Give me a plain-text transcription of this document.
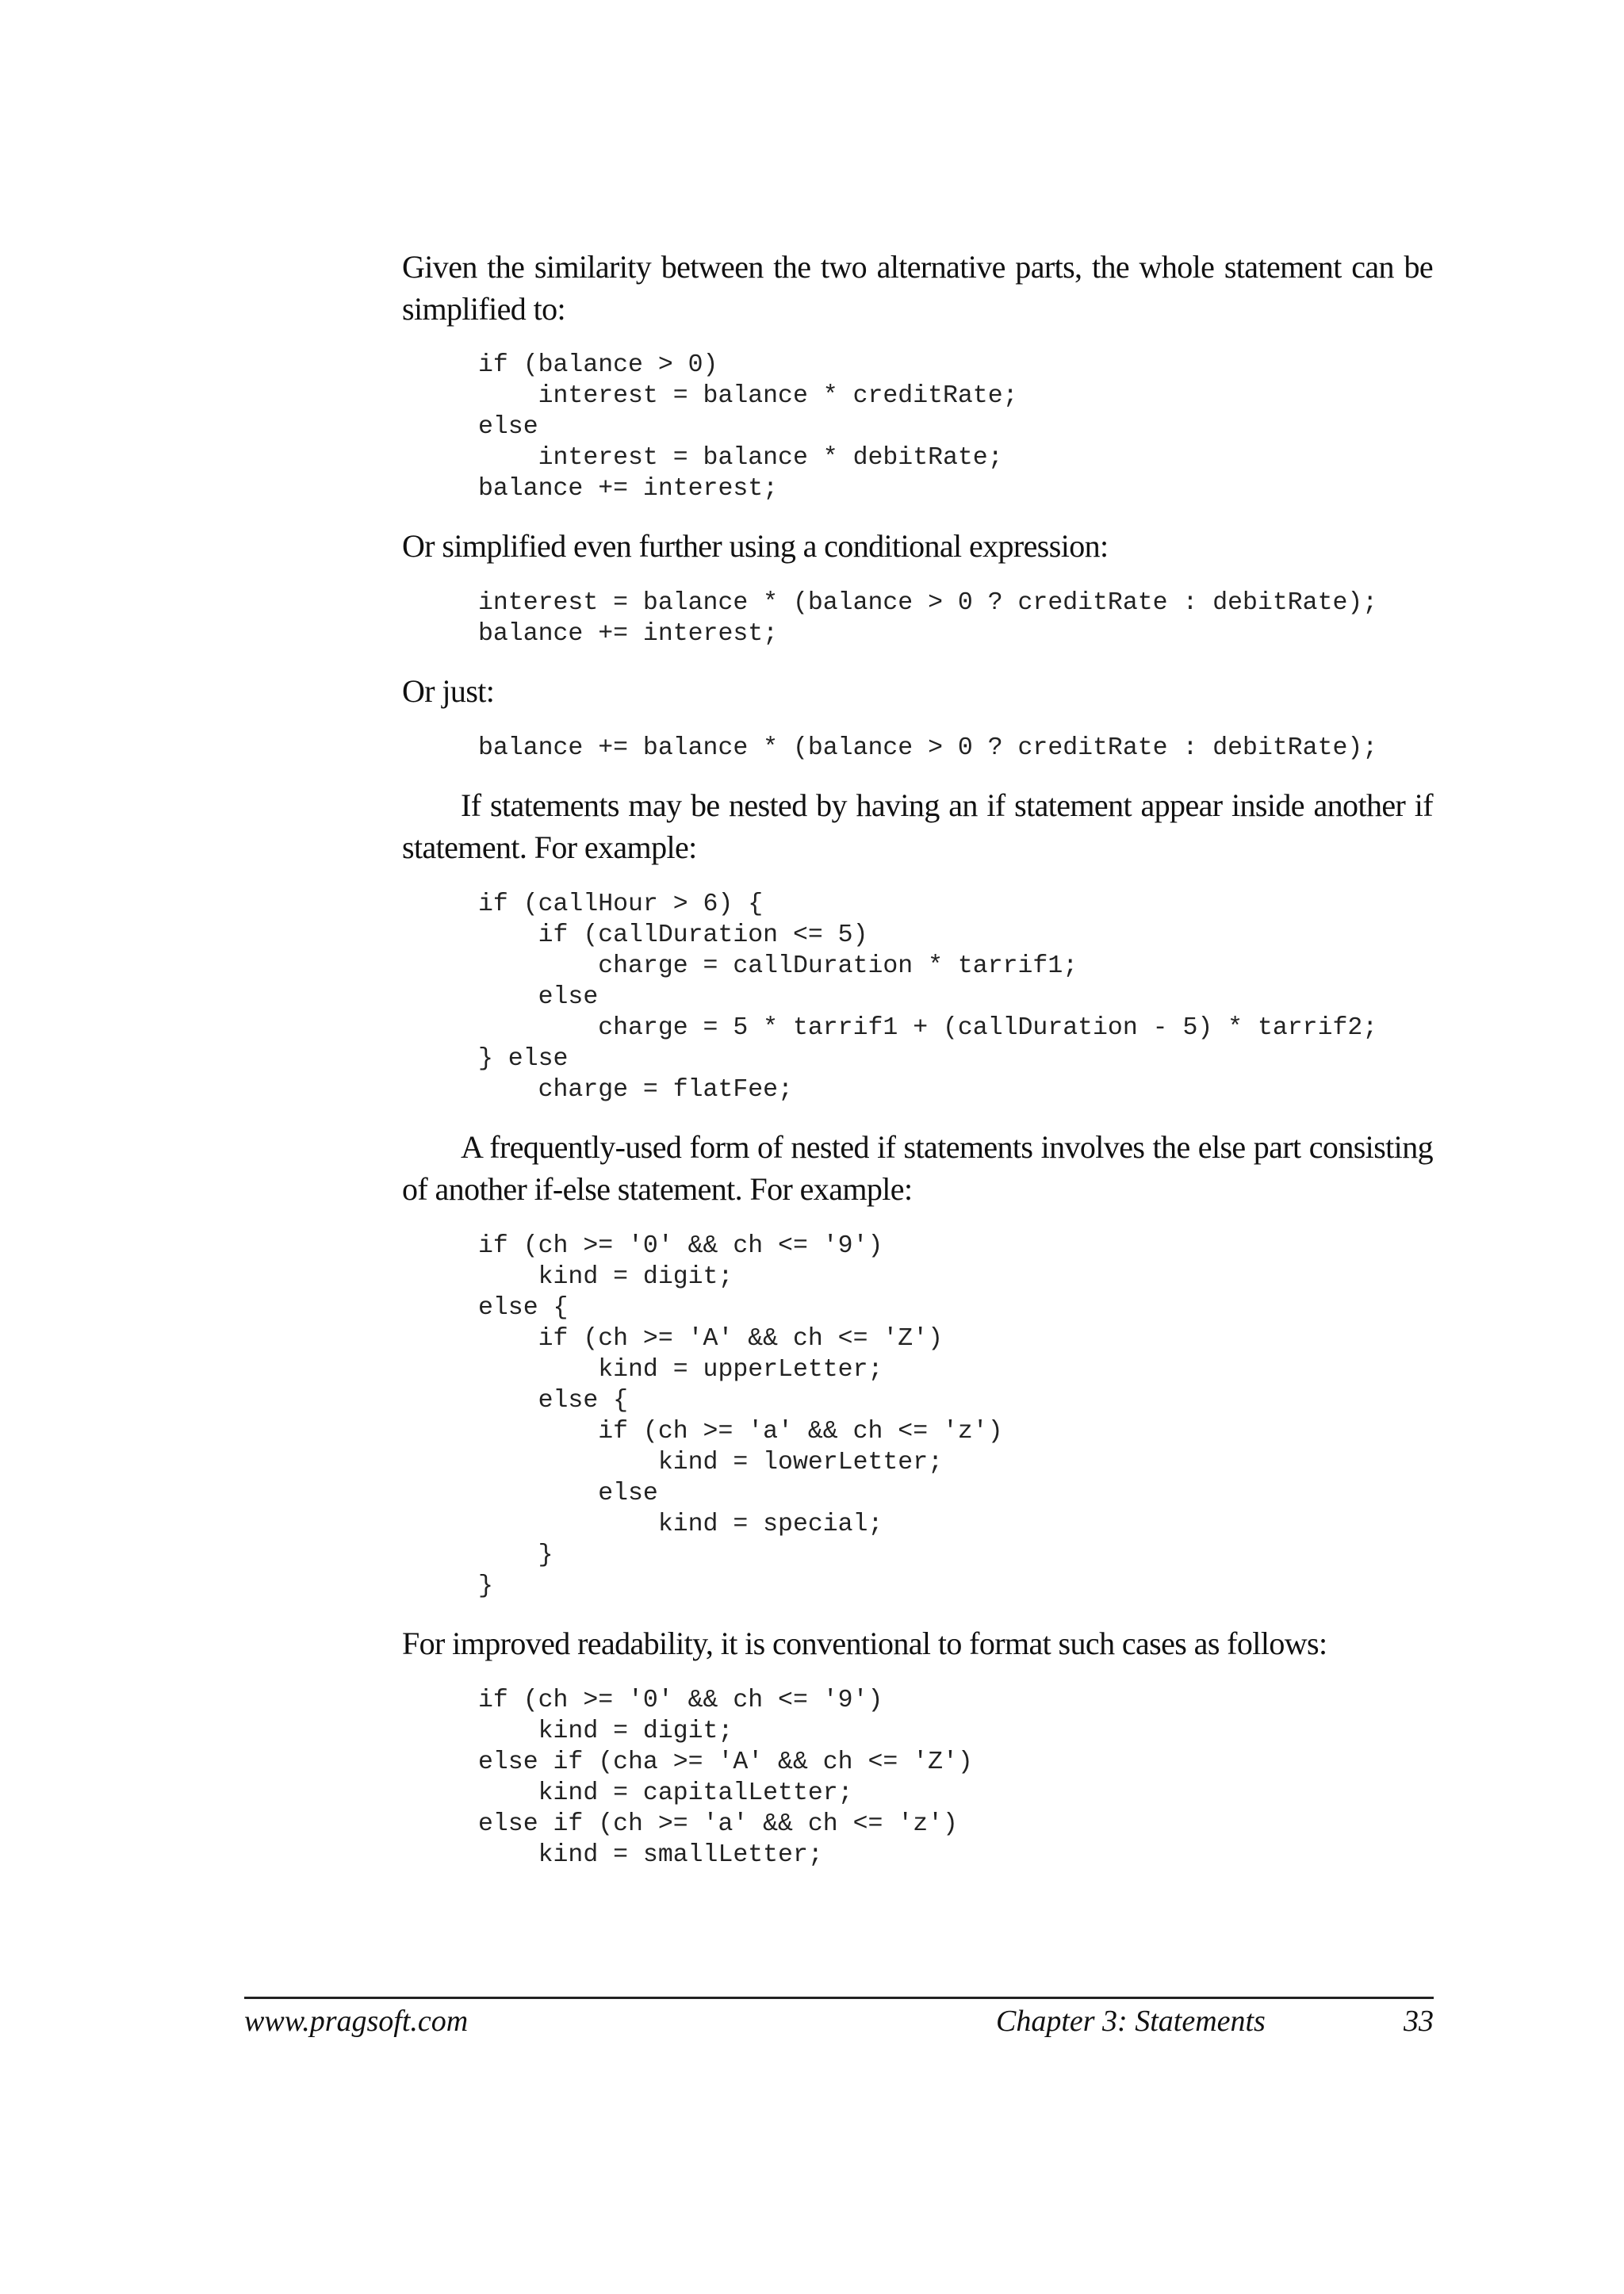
Given the similarity between the two alternative parts, the whole statement can be simplified to:

if (balance > 0)
interest = balance * creditRate;
else
interest = balance * debitRate;
balance += interest;

Or simplified even further using a conditional expression:

interest = balance * (balance > 0 ? creditRate : debitRate);
balance += interest;

Or just:

balance += balance * (balance > 0 ? creditRate : debitRate);

If statements may be nested by having an if statement appear inside another if statement. For example:

if (callHour > 6) {
if (callDuration <= 5)
charge = callDuration * tarrif1;
else
charge = 5 * tarrif1 + (callDuration - 5) * tarrif2;
} else
charge = flatFee;

A frequently-used form of nested if statements involves the else part consisting of another if-else statement. For example:

if (ch >= '0' && ch <= '9')
kind = digit;
else {
if (ch >= 'A' && ch <= 'Z')
kind = upperLetter;
else {
if (ch >= 'a' && ch <= 'z')
kind = lowerLetter;
else
kind = special;
}
}

For improved readability, it is conventional to format such cases as follows:

if (ch >= '0' && ch <= '9')
kind = digit;
else if (cha >= 'A' && ch <= 'Z')
kind = capitalLetter;
else if (ch >= 'a' && ch <= 'z')
kind = smallLetter;
www.pragsoft.com	Chapter 3: Statements	33
